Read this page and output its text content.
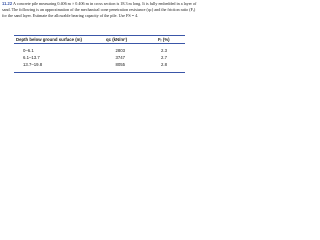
11.22 A concrete pile measuring 0.406 m × 0.406 m in cross section is 18.3 m long. It is fully embedded in a layer of sand. The following is an approximation of the mechanical cone penetration resistance (qᴄ) and the friction ratio (Fᵣ) for the sand layer. Estimate the allowable bearing capacity of the pile. Use FS = 4.
Depth below ground surface (m)	qᴄ (kN/m²)	Fᵣ (%)
0–6.1	2803	2.3
6.1–13.7	3747	2.7
13.7–19.8	8055	2.8
